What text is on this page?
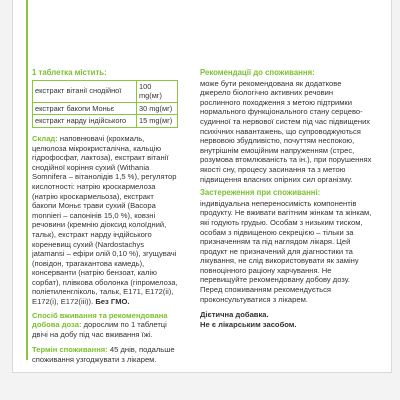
1 таблетка містить:
екстракт вітанії снодійної	100 mg(мг)
екстракт бакопи Моньє	30 mg(мг)
екстракт нарду індійського	15 mg(мг)

Склад: наповнювачі (крохмаль, целюлоза мікрокристалічна, кальцію гідрофосфат, лактоза), екстракт вітанії снодійної коріння сухий (Withania Somnifera – вітанолідів 1,5 %), регулятор кислотності: натрію кроскармелоза (натрію кроскармельоза), екстракт бакопи Моньє трави сухий (Bacopa monnieri – сапонінів 15,0 %), ковзні речовини (кремнію діоксид колоїдний, тальк), екстракт нарду індійського кореневищ сухий (Nardostachys jatamansi – ефіри олій 0,10 %), згущувачі (повідон, трагакантова камедь), консерванти (натрію бензоат, калію сорбат), плівкова оболонка (гіпромелоза, поліетиленгліколь, тальк, E171, E172(ii), E172(i), E172(iii)). Без ГМО.

Спосіб вживання та рекомендована добова доза: дорослим по 1 таблетці двічі на добу під час вживання їжі.

Термін споживання: 45 днів, подальше споживання узгоджувати з лікарем.

Рекомендації до споживання:

може бути рекомендована як додаткове джерело біологічно активних речовин рослинного походження з метою підтримки нормального функціонального стану серцево-судинної та нервової систем під час підвищених психічних навантажень, що супроводжуються нервовою збудливістю, почуттям неспокою, внутрішнім емоційним напруженням (стрес, розумова втомлюваність та ін.), при порушеннях якості сну, процесу засинання та з метою підвищення власних опірних сил організму.

Застереження при споживанні:

індивідуальна непереносимість компонентів продукту. Не вживати вагітним жінкам та жінкам, які годують грудью. Особам з низьким тиском, особам з підвищеною секрецією – тільки за призначенням та під наглядом лікаря. Цей продукт не призначений для діагностики та лікування, не слід використовувати як заміну повноцінного раціону харчування. Не перевищуйте рекомендовану добову дозу. Перед споживанням рекомендується проконсультуватися з лікарем.

Дієтична добавка.
Не є лікарським засобом.
